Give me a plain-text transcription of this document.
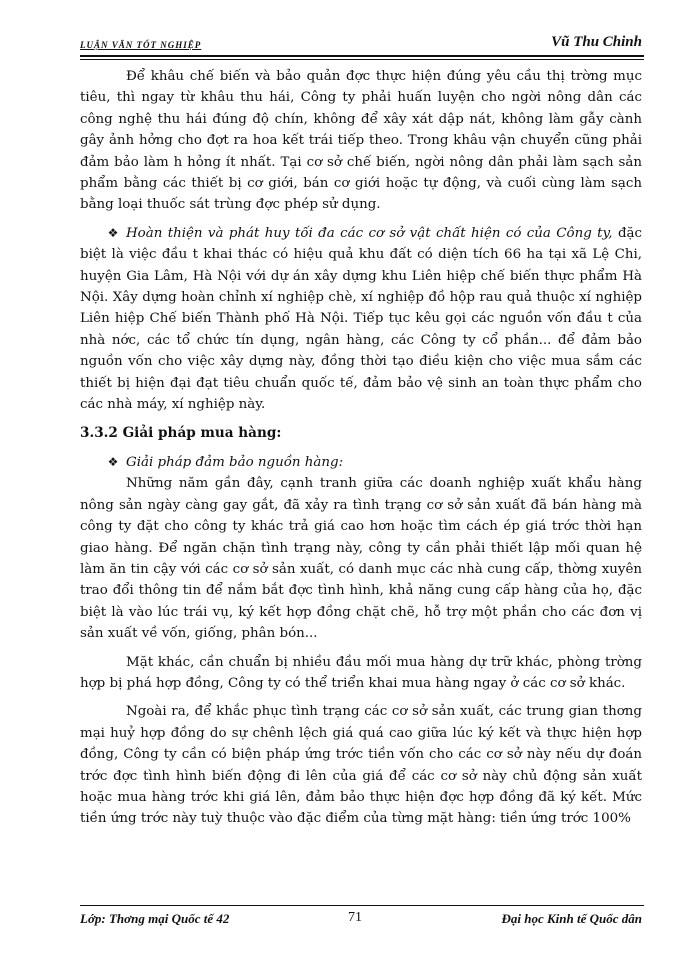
LUẬN VĂN TỐT NGHIỆP	Vũ Thu Chinh

Để khâu chế biến và bảo quản đợc thực hiện đúng yêu cầu thị trờng mục tiêu, thì ngay từ khâu thu hái, Công ty phải huấn luyện cho ngời nông dân các công nghệ thu hái đúng độ chín, không để xây xát dập nát, không làm gẫy cành gây ảnh hởng cho đợt ra hoa kết trái tiếp theo. Trong khâu vận chuyển cũng phải đảm bảo làm h hỏng ít nhất. Tại cơ sở chế biến, ngời nông dân phải làm sạch sản phẩm bằng các thiết bị cơ giới, bán cơ giới hoặc tự động, và cuối cùng làm sạch bằng loại thuốc sát trùng đợc phép sử dụng.

❖ Hoàn thiện và phát huy tối đa các cơ sở vật chất hiện có của Công ty, đặc biệt là việc đầu t khai thác có hiệu quả khu đất có diện tích 66 ha tại xã Lệ Chi, huyện Gia Lâm, Hà Nội với dự án xây dựng khu Liên hiệp chế biến thực phẩm Hà Nội. Xây dựng hoàn chỉnh xí nghiệp chè, xí nghiệp đồ hộp rau quả thuộc xí nghiệp Liên hiệp Chế biến Thành phố Hà Nội. Tiếp tục kêu gọi các nguồn vốn đầu t của nhà nớc, các tổ chức tín dụng, ngân hàng, các Công ty cổ phần... để đảm bảo nguồn vốn cho việc xây dựng này, đồng thời tạo điều kiện cho việc mua sắm các thiết bị hiện đại đạt tiêu chuẩn quốc tế, đảm bảo vệ sinh an toàn thực phẩm cho các nhà máy, xí nghiệp này.

3.3.2 Giải pháp mua hàng:

❖ Giải pháp đảm bảo nguồn hàng:

Những năm gần đây, cạnh tranh giữa các doanh nghiệp xuất khẩu hàng nông sản ngày càng gay gắt, đã xảy ra tình trạng cơ sở sản xuất đã bán hàng mà công ty đặt cho công ty khác trả giá cao hơn hoặc tìm cách ép giá trớc thời hạn giao hàng. Để ngăn chặn tình trạng này, công ty cần phải thiết lập mối quan hệ làm ăn tin cậy với các cơ sở sản xuất, có danh mục các nhà cung cấp, thờng xuyên trao đổi thông tin để nắm bắt đợc tình hình, khả năng cung cấp hàng của họ, đặc biệt là vào lúc trái vụ, ký kết hợp đồng chặt chẽ, hỗ trợ một phần cho các đơn vị sản xuất về vốn, giống, phân bón...

Mặt khác, cần chuẩn bị nhiều đầu mối mua hàng dự trữ khác, phòng trờng hợp bị phá hợp đồng, Công ty có thể triển khai mua hàng ngay ở các cơ sở khác.

Ngoài ra, để khắc phục tình trạng các cơ sở sản xuất, các trung gian thơng mại huỷ hợp đồng do sự chênh lệch giá quá cao giữa lúc ký kết và thực hiện hợp đồng, Công ty cần có biện pháp ứng trớc tiền vốn cho các cơ sở này nếu dự đoán trớc đợc tình hình biến động đi lên của giá để các cơ sở này chủ động sản xuất hoặc mua hàng trớc khi giá lên, đảm bảo thực hiện đợc hợp đồng đã ký kết. Mức tiền ứng trớc này tuỳ thuộc vào đặc điểm của từng mặt hàng: tiền ứng trớc 100%

Lớp: Thơng mại Quốc tế 42	71	Đại học Kinh tế Quốc dân
